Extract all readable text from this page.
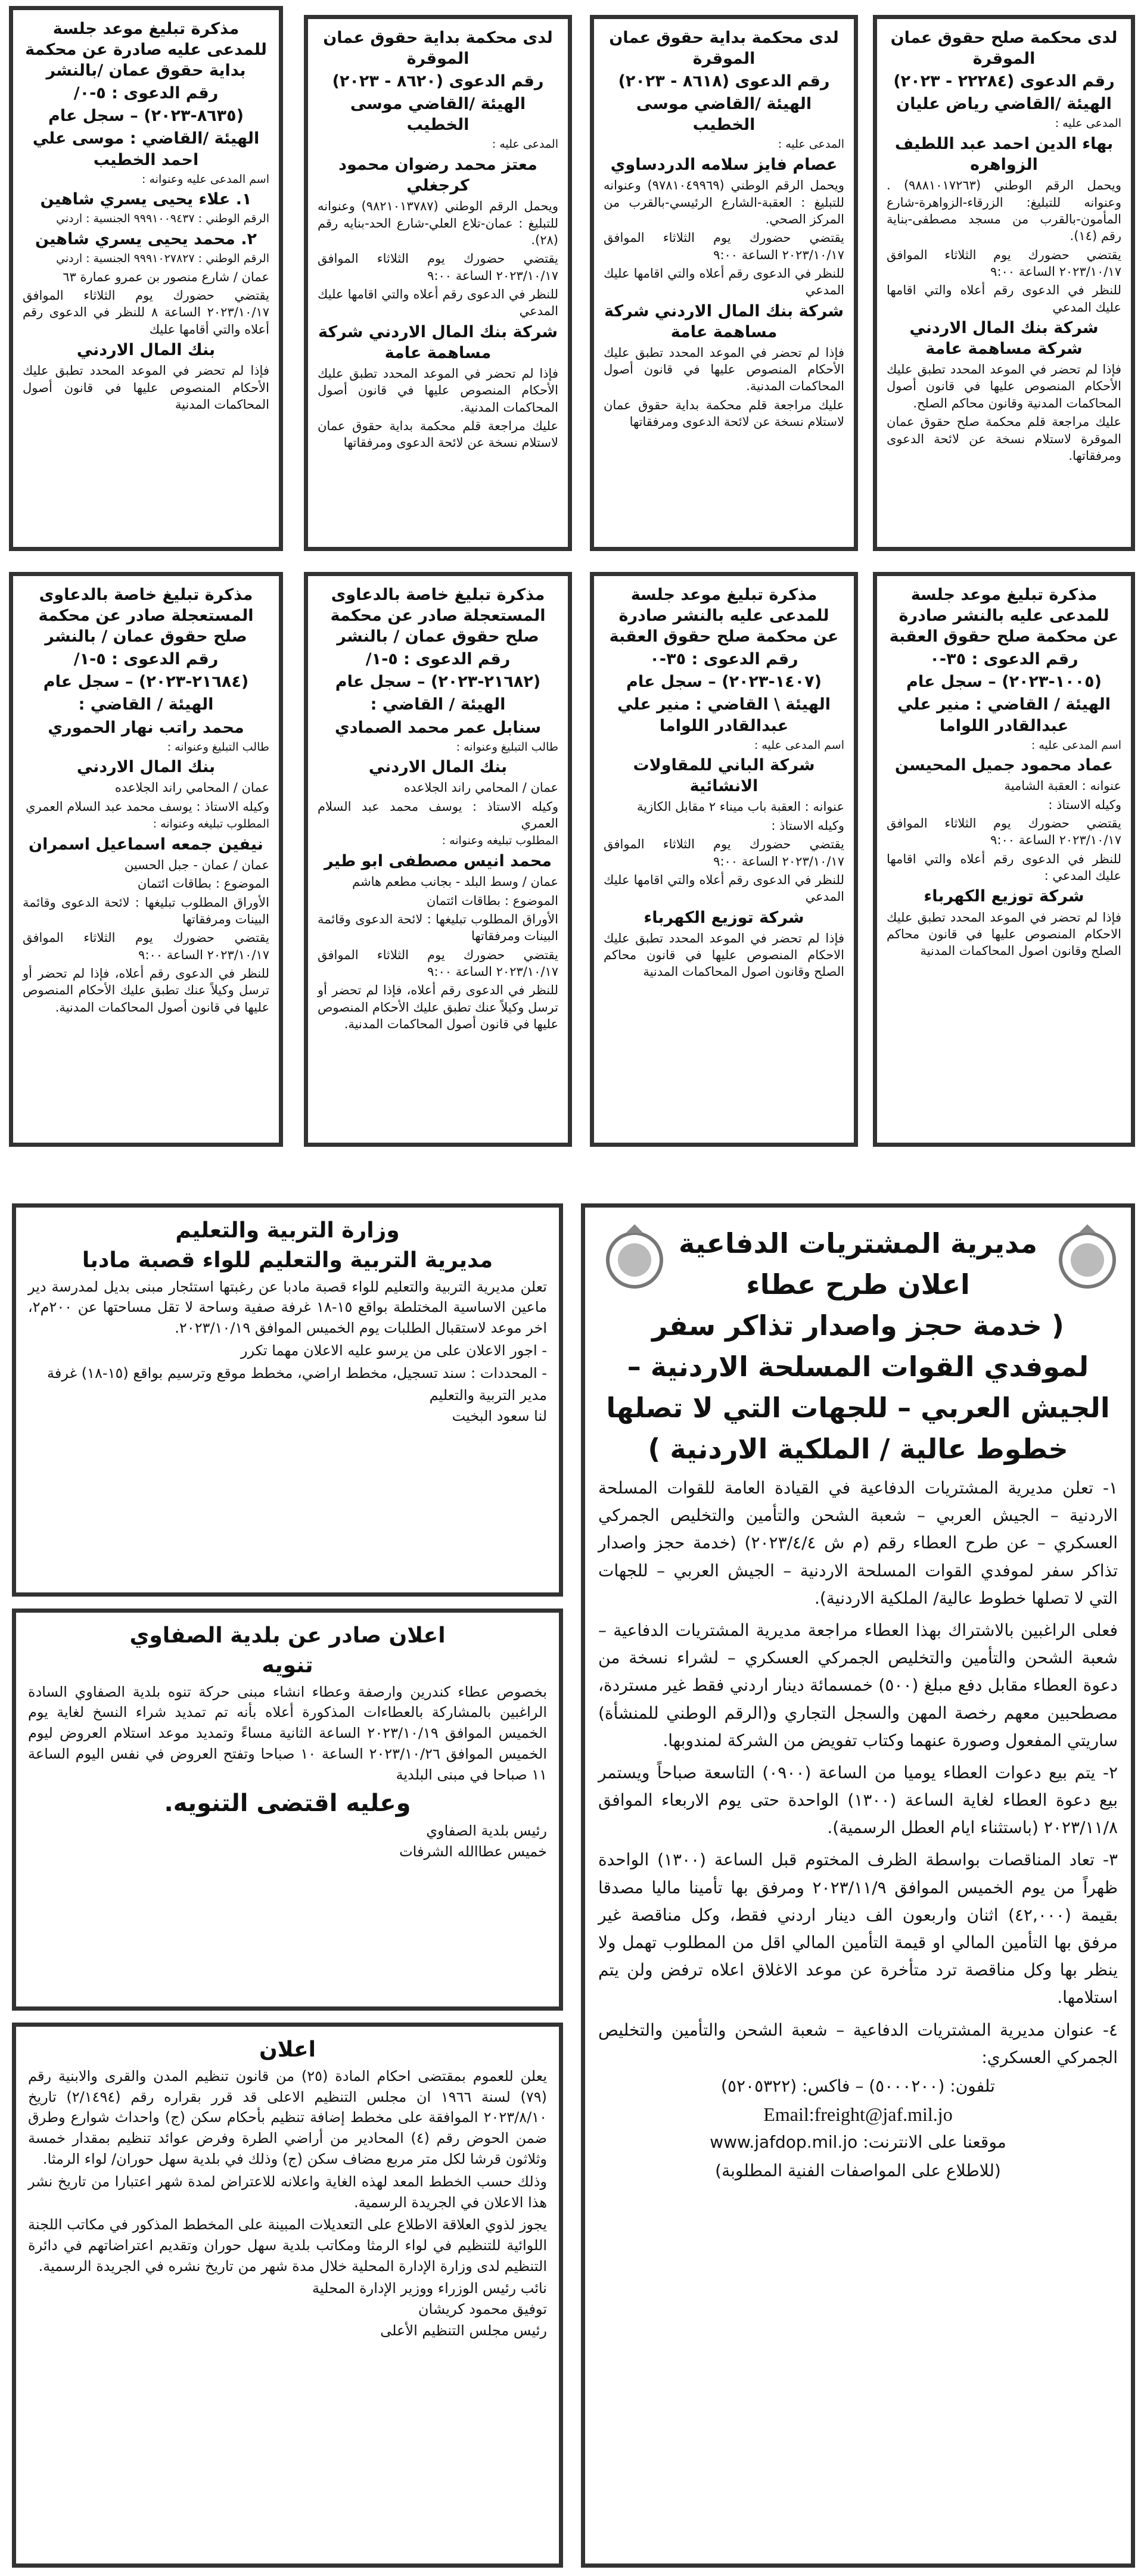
لدى محكمة صلح حقوق عمان الموقرة
رقم الدعوى (٢٢٢٨٤ - ٢٠٢٣)
الهيئة /القاضي رياض عليان
المدعى عليه :
بهاء الدين احمد عبد اللطيف الزواهره
ويحمل الرقم الوطني (٩٨٨١٠١٧٢٦٣) . وعنوانه للتبليغ: الزرقاء-الزواهرة-شارع المأمون-بالقرب من مسجد مصطفى-بناية رقم (١٤).
يقتضي حضورك يوم الثلاثاء الموافق ٢٠٢٣/١٠/١٧ الساعة ٩:٠٠
للنظر في الدعوى رقم أعلاه والتي اقامها عليك المدعي
شركة بنك المال الاردني شركة مساهمة عامة
فإذا لم تحضر في الموعد المحدد تطبق عليك الأحكام المنصوص عليها في قانون أصول المحاكمات المدنية وقانون محاكم الصلح.
عليك مراجعة قلم محكمة صلح حقوق عمان الموقرة لاستلام نسخة عن لائحة الدعوى ومرفقاتها.
لدى محكمة بداية حقوق عمان الموقرة
رقم الدعوى (٨٦١٨ - ٢٠٢٣)
الهيئة /القاضي موسى الخطيب
المدعى عليه :
عصام فايز سلامه الدردساوي
ويحمل الرقم الوطني (٩٧٨١٠٤٩٩٦٩) وعنوانه للتبليغ : العقبة-الشارع الرئيسي-بالقرب من المركز الصحي.
يقتضي حضورك يوم الثلاثاء الموافق ٢٠٢٣/١٠/١٧ الساعة ٩:٠٠
للنظر في الدعوى رقم أعلاه والتي اقامها عليك المدعي
شركة بنك المال الاردني شركة مساهمة عامة
فإذا لم تحضر في الموعد المحدد تطبق عليك الأحكام المنصوص عليها في قانون أصول المحاكمات المدنية.
عليك مراجعة قلم محكمة بداية حقوق عمان لاستلام نسخة عن لائحة الدعوى ومرفقاتها
لدى محكمة بداية حقوق عمان الموقرة
رقم الدعوى (٨٦٢٠ - ٢٠٢٣)
الهيئة /القاضي موسى الخطيب
المدعى عليه :
معتز محمد رضوان محمود كرجغلي
ويحمل الرقم الوطني (٩٨٢١٠١٣٧٨٧) وعنوانه للتبليغ : عمان-تلاع العلي-شارع الحد-بنايه رقم (٢٨).
يقتضي حضورك يوم الثلاثاء الموافق ٢٠٢٣/١٠/١٧ الساعة ٩:٠٠
للنظر في الدعوى رقم أعلاه والتي اقامها عليك المدعي
شركة بنك المال الاردني شركة مساهمة عامة
فإذا لم تحضر في الموعد المحدد تطبق عليك الأحكام المنصوص عليها في قانون أصول المحاكمات المدنية.
عليك مراجعة قلم محكمة بداية حقوق عمان لاستلام نسخة عن لائحة الدعوى ومرفقاتها
مذكرة تبليغ موعد جلسة للمدعى عليه صادرة عن محكمة بداية حقوق عمان /بالنشر
رقم الدعوى : ٥-٠/
(٨٦٣٥-٢٠٢٣) – سجل عام
الهيئة /القاضي : موسى علي احمد الخطيب
اسم المدعى عليه وعنوانه :
١. علاء يحيى يسري شاهين
الرقم الوطني : ٩٩٩١٠٠٩٤٣٧ الجنسية : اردني
٢. محمد يحيى يسري شاهين
الرقم الوطني : ٩٩٩١٠٢٧٨٢٧ الجنسية : اردني
عمان / شارع منصور بن عمرو عمارة ٦٣
يقتضي حضورك يوم الثلاثاء الموافق ٢٠٢٣/١٠/١٧ الساعة ٨ للنظر في الدعوى رقم أعلاه والتي أقامها عليك
بنك المال الاردني
فإذا لم تحضر في الموعد المحدد تطبق عليك الأحكام المنصوص عليها في قانون أصول المحاكمات المدنية
مذكرة تبليغ موعد جلسة للمدعى عليه بالنشر صادرة عن محكمة صلح حقوق العقبة
رقم الدعوى : ٣٥-٠
(١٠٠٥-٢٠٢٣) – سجل عام
الهيئة / القاضي : منير علي عبدالقادر اللواما
اسم المدعى عليه :
عماد محمود جميل المحيسن
عنوانه : العقبة الشامية
وكيله الاستاذ :
يقتضي حضورك يوم الثلاثاء الموافق ٢٠٢٣/١٠/١٧ الساعة ٩:٠٠
للنظر في الدعوى رقم أعلاه والتي اقامها عليك المدعي :
شركة توزيع الكهرباء
فإذا لم تحضر في الموعد المحدد تطبق عليك الاحكام المنصوص عليها في قانون محاكم الصلح وقانون اصول المحاكمات المدنية
مذكرة تبليغ موعد جلسة للمدعى عليه بالنشر صادرة عن محكمة صلح حقوق العقبة
رقم الدعوى : ٣٥-٠
(١٤٠٧-٢٠٢٣) – سجل عام
الهيئة \ القاضي : منير علي عبدالقادر اللواما
اسم المدعى عليه :
شركة الباني للمقاولات الانشائية
عنوانه : العقبة باب ميناء ٢ مقابل الكازية
وكيله الاستاذ :
يقتضي حضورك يوم الثلاثاء الموافق ٢٠٢٣/١٠/١٧ الساعة ٩:٠٠
للنظر في الدعوى رقم أعلاه والتي اقامها عليك المدعي
شركة توزيع الكهرباء
فإذا لم تحضر في الموعد المحدد تطبق عليك الاحكام المنصوص عليها في قانون محاكم الصلح وقانون اصول المحاكمات المدنية
مذكرة تبليغ خاصة بالدعاوى المستعجلة صادر عن محكمة صلح حقوق عمان / بالنشر
رقم الدعوى : ٥-١/
(٢١٦٨٢-٢٠٢٣) – سجل عام
الهيئة / القاضي :
سنابل عمر محمد الصمادي
طالب التبليغ وعنوانه :
بنك المال الاردني
عمان / المحامي راند الجلاعده
وكيله الاستاذ : يوسف محمد عبد السلام العمري
المطلوب تبليغه وعنوانه :
محمد انيس مصطفى ابو طير
عمان / وسط البلد - بجانب مطعم هاشم
الموضوع : بطاقات ائتمان
الأوراق المطلوب تبليغها : لائحة الدعوى وقائمة البينات ومرفقاتها
يقتضي حضورك يوم الثلاثاء الموافق ٢٠٢٣/١٠/١٧ الساعة ٩:٠٠
للنظر في الدعوى رقم أعلاه، فإذا لم تحضر أو ترسل وكيلاً عنك تطبق عليك الأحكام المنصوص عليها في قانون أصول المحاكمات المدنية.
مذكرة تبليغ خاصة بالدعاوى المستعجلة صادر عن محكمة صلح حقوق عمان / بالنشر
رقم الدعوى : ٥-١/
(٢١٦٨٤-٢٠٢٣) – سجل عام
الهيئة / القاضي :
محمد راتب نهار الحموري
طالب التبليغ وعنوانه :
بنك المال الاردني
عمان / المحامي راند الجلاعده
وكيله الاستاذ : يوسف محمد عبد السلام العمري
المطلوب تبليغه وعنوانه :
نيفين جمعه اسماعيل اسمران
عمان / عمان - جبل الحسين
الموضوع : بطاقات ائتمان
الأوراق المطلوب تبليغها : لائحة الدعوى وقائمة البينات ومرفقاتها
يقتضي حضورك يوم الثلاثاء الموافق ٢٠٢٣/١٠/١٧ الساعة ٩:٠٠
للنظر في الدعوى رقم أعلاه، فإذا لم تحضر أو ترسل وكيلاً عنك تطبق عليك الأحكام المنصوص عليها في قانون أصول المحاكمات المدنية.
مديرية المشتريات الدفاعية
اعلان طرح عطاء
( خدمة حجز واصدار تذاكر سفر لموفدي القوات المسلحة الاردنية – الجيش العربي – للجهات التي لا تصلها خطوط عالية / الملكية الاردنية )
١- تعلن مديرية المشتريات الدفاعية في القيادة العامة للقوات المسلحة الاردنية – الجيش العربي – شعبة الشحن والتأمين والتخليص الجمركي العسكري – عن طرح العطاء رقم (م ش ٢٠٢٣/٤/٤) (خدمة حجز واصدار تذاكر سفر لموفدي القوات المسلحة الاردنية – الجيش العربي – للجهات التي لا تصلها خطوط عالية/ الملكية الاردنية).
فعلى الراغبين بالاشتراك بهذا العطاء مراجعة مديرية المشتريات الدفاعية – شعبة الشحن والتأمين والتخليص الجمركي العسكري – لشراء نسخة من دعوة العطاء مقابل دفع مبلغ (٥٠٠) خمسمائة دينار اردني فقط غير مستردة، مصطحبين معهم رخصة المهن والسجل التجاري و(الرقم الوطني للمنشأة) ساريتي المفعول وصورة عنهما وكتاب تفويض من الشركة لمندوبها.
٢- يتم بيع دعوات العطاء يوميا من الساعة (٠٩٠٠) التاسعة صباحاً ويستمر بيع دعوة العطاء لغاية الساعة (١٣٠٠) الواحدة حتى يوم الاربعاء الموافق ٢٠٢٣/١١/٨ (باستثناء ايام العطل الرسمية).
٣- تعاد المناقصات بواسطة الظرف المختوم قبل الساعة (١٣٠٠) الواحدة ظهراً من يوم الخميس الموافق ٢٠٢٣/١١/٩ ومرفق بها تأمينا ماليا مصدقا بقيمة (٤٢,٠٠٠) اثنان واربعون الف دينار اردني فقط، وكل مناقصة غير مرفق بها التأمين المالي او قيمة التأمين المالي اقل من المطلوب تهمل ولا ينظر بها وكل مناقصة ترد متأخرة عن موعد الاغلاق اعلاه ترفض ولن يتم استلامها.
٤- عنوان مديرية المشتريات الدفاعية – شعبة الشحن والتأمين والتخليص الجمركي العسكري:
تلفون: (٥٠٠٠٢٠٠) – فاكس: (٥٢٠٥٣٢٢)
Email:freight@jaf.mil.jo
موقعنا على الانترنت: www.jafdop.mil.jo
(للاطلاع على المواصفات الفنية المطلوبة)
وزارة التربية والتعليم
مديرية التربية والتعليم للواء قصبة مادبا
تعلن مديرية التربية والتعليم للواء قصبة مادبا عن رغبتها استئجار مبنى بديل لمدرسة دير ماعين الاساسية المختلطة بواقع ١٥-١٨ غرفة صفية وساحة لا تقل مساحتها عن ٢٠٠م٢، اخر موعد لاستقبال الطلبات يوم الخميس الموافق ٢٠٢٣/١٠/١٩.
- اجور الاعلان على من يرسو عليه الاعلان مهما تكرر
- المحددات : سند تسجيل، مخطط اراضي، مخطط موقع وترسيم بواقع (١٥-١٨) غرفة
مدير التربية والتعليم
لنا سعود البخيت
اعلان صادر عن بلدية الصفاوي
تنويه
بخصوص عطاء كندرين وارصفة وعطاء انشاء مبنى حركة تنوه بلدية الصفاوي السادة الراغبين بالمشاركة بالعطاءات المذكورة أعلاه بأنه تم تمديد شراء النسخ لغاية يوم الخميس الموافق ٢٠٢٣/١٠/١٩ الساعة الثانية مساءً وتمديد موعد استلام العروض ليوم الخميس الموافق ٢٠٢٣/١٠/٢٦ الساعة ١٠ صباحا وتفتح العروض في نفس اليوم الساعة ١١ صباحا في مبنى البلدية
وعليه اقتضى التنويه.
رئيس بلدية الصفاوي
خميس عطاالله الشرفات
اعلان
يعلن للعموم بمقتضى احكام المادة (٢٥) من قانون تنظيم المدن والقرى والابنية رقم (٧٩) لسنة ١٩٦٦ ان مجلس التنظيم الاعلى قد قرر بقراره رقم (٢/١٤٩٤) تاريخ ٢٠٢٣/٨/١٠ الموافقة على مخطط إضافة تنظيم بأحكام سكن (ج) واحداث شوارع وطرق ضمن الحوض رقم (٤) المحادير من أراضي الطرة وفرض عوائد تنظيم بمقدار خمسة وثلاثون قرشا لكل متر مربع مضاف سكن (ج) وذلك في بلدية سهل حوران/ لواء الرمثا.
وذلك حسب الخطط المعد لهذه الغاية واعلانه للاعتراض لمدة شهر اعتبارا من تاريخ نشر هذا الاعلان في الجريدة الرسمية.
يجوز لذوي العلاقة الاطلاع على التعديلات المبينة على المخطط المذكور في مكاتب اللجنة اللوائية للتنظيم في لواء الرمثا ومكاتب بلدية سهل حوران وتقديم اعتراضاتهم في دائرة التنظيم لدى وزارة الإدارة المحلية خلال مدة شهر من تاريخ نشره في الجريدة الرسمية.
نائب رئيس الوزراء ووزير الإدارة المحلية
توفيق محمود كريشان
رئيس مجلس التنظيم الأعلى
